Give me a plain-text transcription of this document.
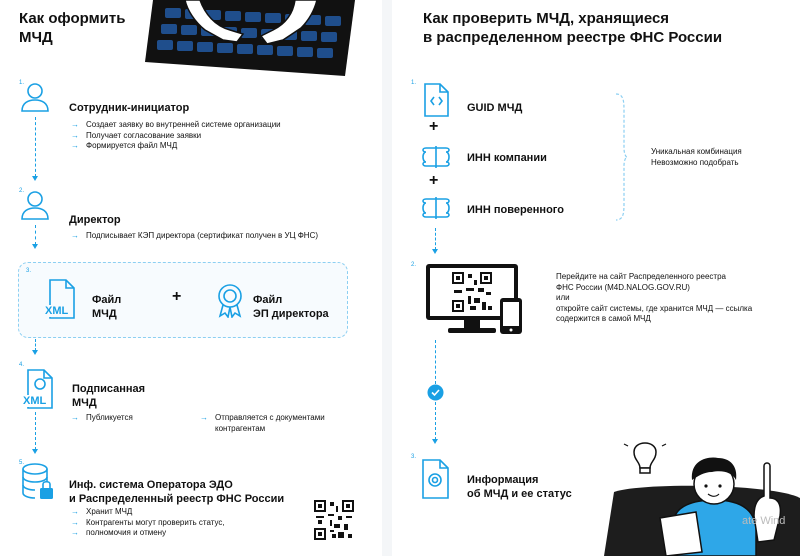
Как оформить
МЧД
1.
Сотрудник-инициатор
→ Создает заявку во внутренней системе организации
→ Получает согласование заявки
→ Формируется файл МЧД
2.
Директор
→ Подписывает КЭП директора (сертификат получен в УЦ ФНС)
3.
XML
Файл
МЧД
+	Файл
ЭП директора
4.
XML
Подписанная
МЧД
→ Публикуется
→	Отправляется с документами
контрагентам
5.
Инф. система Оператора ЭДО
и Распределенный реестр ФНС России
→ Хранит МЧД
→ Контрагенты могут проверить статус,
→ полномочия и отмену
Как проверить МЧД, хранящиеся
в распределенном реестре ФНС России
1.
GUID МЧД
+
ИНН компании
+
ИНН поверенного
Уникальная комбинация
Невозможно подобрать
2.
Перейдите на сайт Распределенного реестра
ФНС России (M4D.NALOG.GOV.RU)
или
откройте сайт системы, где хранится МЧД — ссылка
содержится в самой МЧД
3.
Информация
об МЧД и ее статус
ate Wind
